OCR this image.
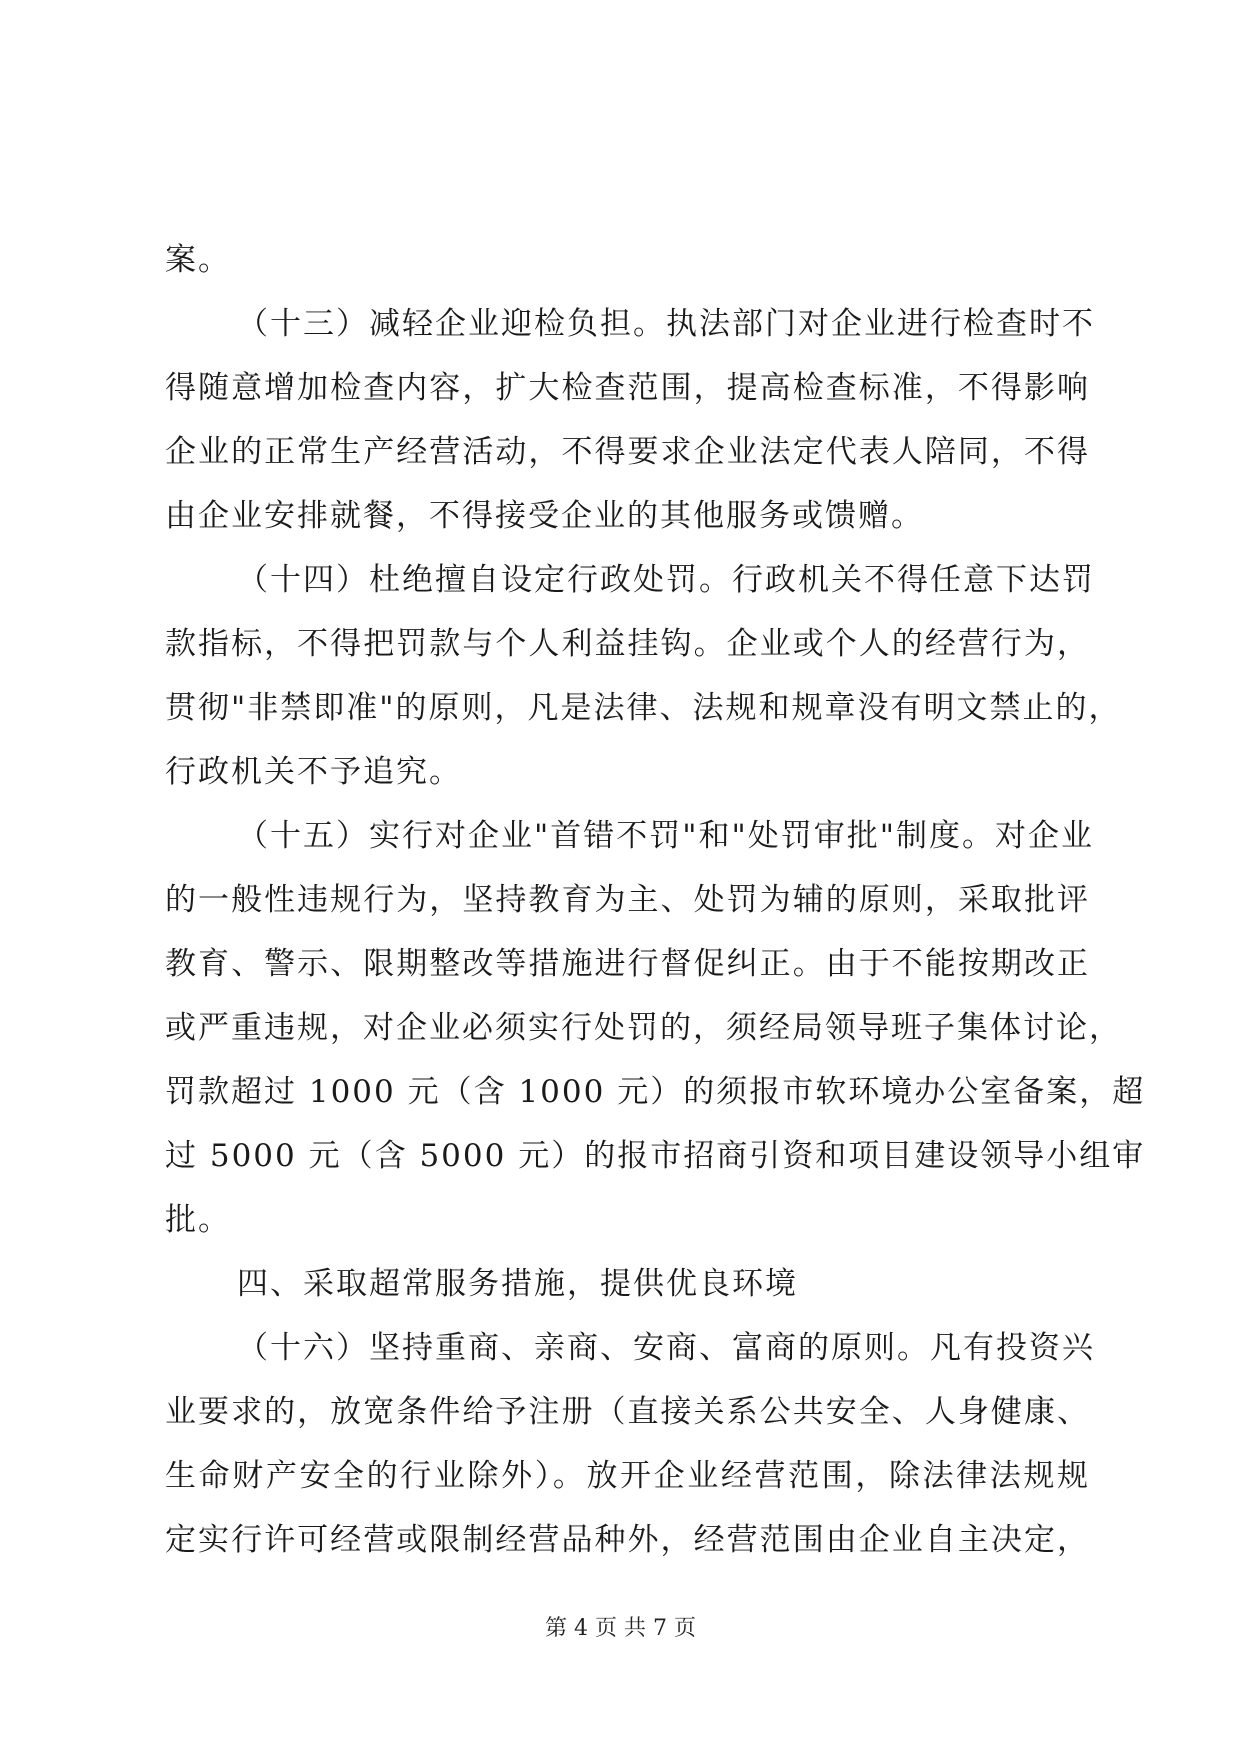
案。
（十三）减轻企业迎检负担。执法部门对企业进行检查时不
得随意增加检查内容，扩大检查范围，提高检查标准，不得影响
企业的正常生产经营活动，不得要求企业法定代表人陪同，不得
由企业安排就餐，不得接受企业的其他服务或馈赠。
（十四）杜绝擅自设定行政处罚。行政机关不得任意下达罚
款指标，不得把罚款与个人利益挂钩。企业或个人的经营行为，
贯彻"非禁即准"的原则，凡是法律、法规和规章没有明文禁止的，
行政机关不予追究。
（十五）实行对企业"首错不罚"和"处罚审批"制度。对企业
的一般性违规行为，坚持教育为主、处罚为辅的原则，采取批评
教育、警示、限期整改等措施进行督促纠正。由于不能按期改正
或严重违规，对企业必须实行处罚的，须经局领导班子集体讨论，
罚款超过 1000 元（含 1000 元）的须报市软环境办公室备案，超
过 5000 元（含 5000 元）的报市招商引资和项目建设领导小组审
批。
四、采取超常服务措施，提供优良环境
（十六）坚持重商、亲商、安商、富商的原则。凡有投资兴
业要求的，放宽条件给予注册（直接关系公共安全、人身健康、
生命财产安全的行业除外）。放开企业经营范围，除法律法规规
定实行许可经营或限制经营品种外，经营范围由企业自主决定，
第 4 页 共 7 页
